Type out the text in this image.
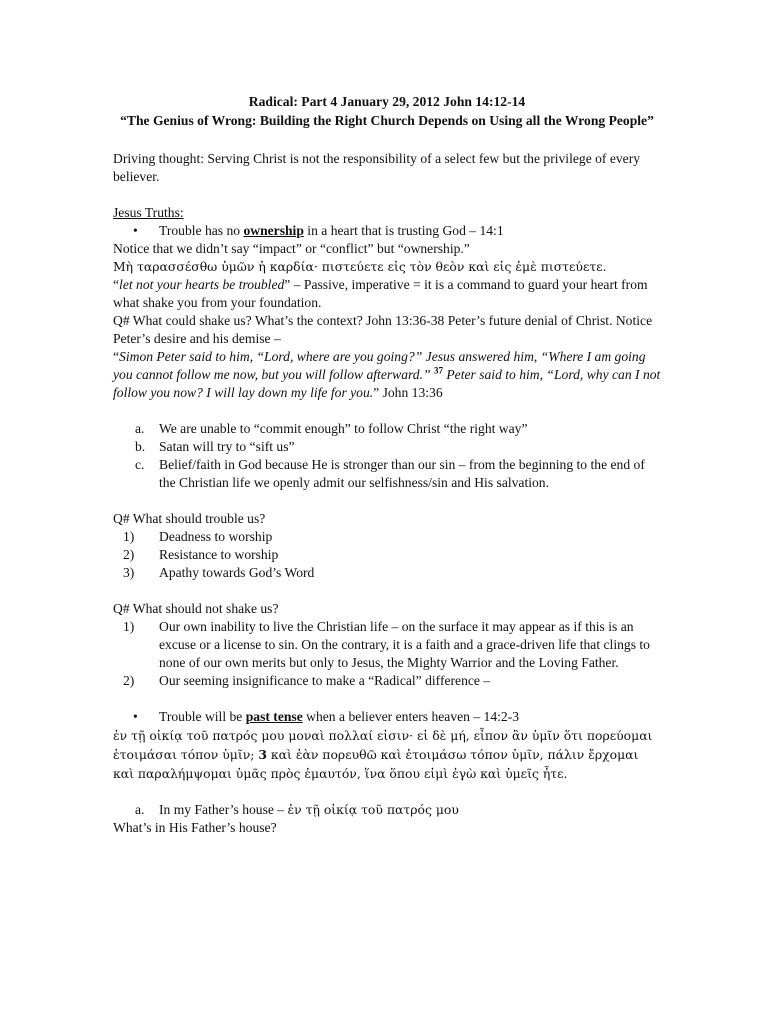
Radical: Part 4 January 29, 2012 John 14:12-14

“The Genius of Wrong: Building the Right Church Depends on Using all the Wrong People”

Driving thought: Serving Christ is not the responsibility of a select few but the privilege of every believer.

Jesus Truths:

•	Trouble has no ownership in a heart that is trusting God – 14:1

Notice that we didn’t say “impact” or “conflict” but “ownership.”

Μὴ ταρασσέσθω ὑμῶν ἡ καρδία· πιστεύετε εἰς τὸν θεὸν καὶ εἰς ἐμὲ πιστεύετε.

“let not your hearts be troubled” – Passive, imperative = it is a command to guard your heart from what shake you from your foundation.

Q# What could shake us? What’s the context? John 13:36-38 Peter’s future denial of Christ. Notice Peter’s desire and his demise –

“Simon Peter said to him, “Lord, where are you going?” Jesus answered him, “Where I am going you cannot follow me now, but you will follow afterward.” $^{37}$ Peter said to him, “Lord, why can I not follow you now? I will lay down my life for you.” John 13:36

a.	We are unable to “commit enough” to follow Christ “the right way”
b.	Satan will try to “sift us”
c.	Belief/faith in God because He is stronger than our sin – from the beginning to the end of the Christian life we openly admit our selfishness/sin and His salvation.

Q# What should trouble us?

1)	Deadness to worship
2)	Resistance to worship
3)	Apathy towards God’s Word

Q# What should not shake us?

1)	Our own inability to live the Christian life – on the surface it may appear as if this is an excuse or a license to sin. On the contrary, it is a faith and a grace-driven life that clings to none of our own merits but only to Jesus, the Mighty Warrior and the Loving Father.
2)	Our seeming insignificance to make a “Radical” difference –
•	Trouble will be past tense when a believer enters heaven – 14:2-3

ἐν τῇ οἰκίᾳ τοῦ πατρός μου μοναὶ πολλαί εἰσιν· εἰ δὲ μή, εἶπον ἂν ὑμῖν ὅτι πορεύομαι ἑτοιμάσαι τόπον ὑμῖν; 3 καὶ ἐὰν πορευθῶ καὶ ἑτοιμάσω τόπον ὑμῖν, πάλιν ἔρχομαι καὶ παραλήμψομαι ὑμᾶς πρὸς ἐμαυτόν, ἵνα ὅπου εἰμὶ ἐγὼ καὶ ὑμεῖς ἦτε.

a.	In my Father’s house – ἐν τῇ οἰκίᾳ τοῦ πατρός μου

What’s in His Father’s house?
